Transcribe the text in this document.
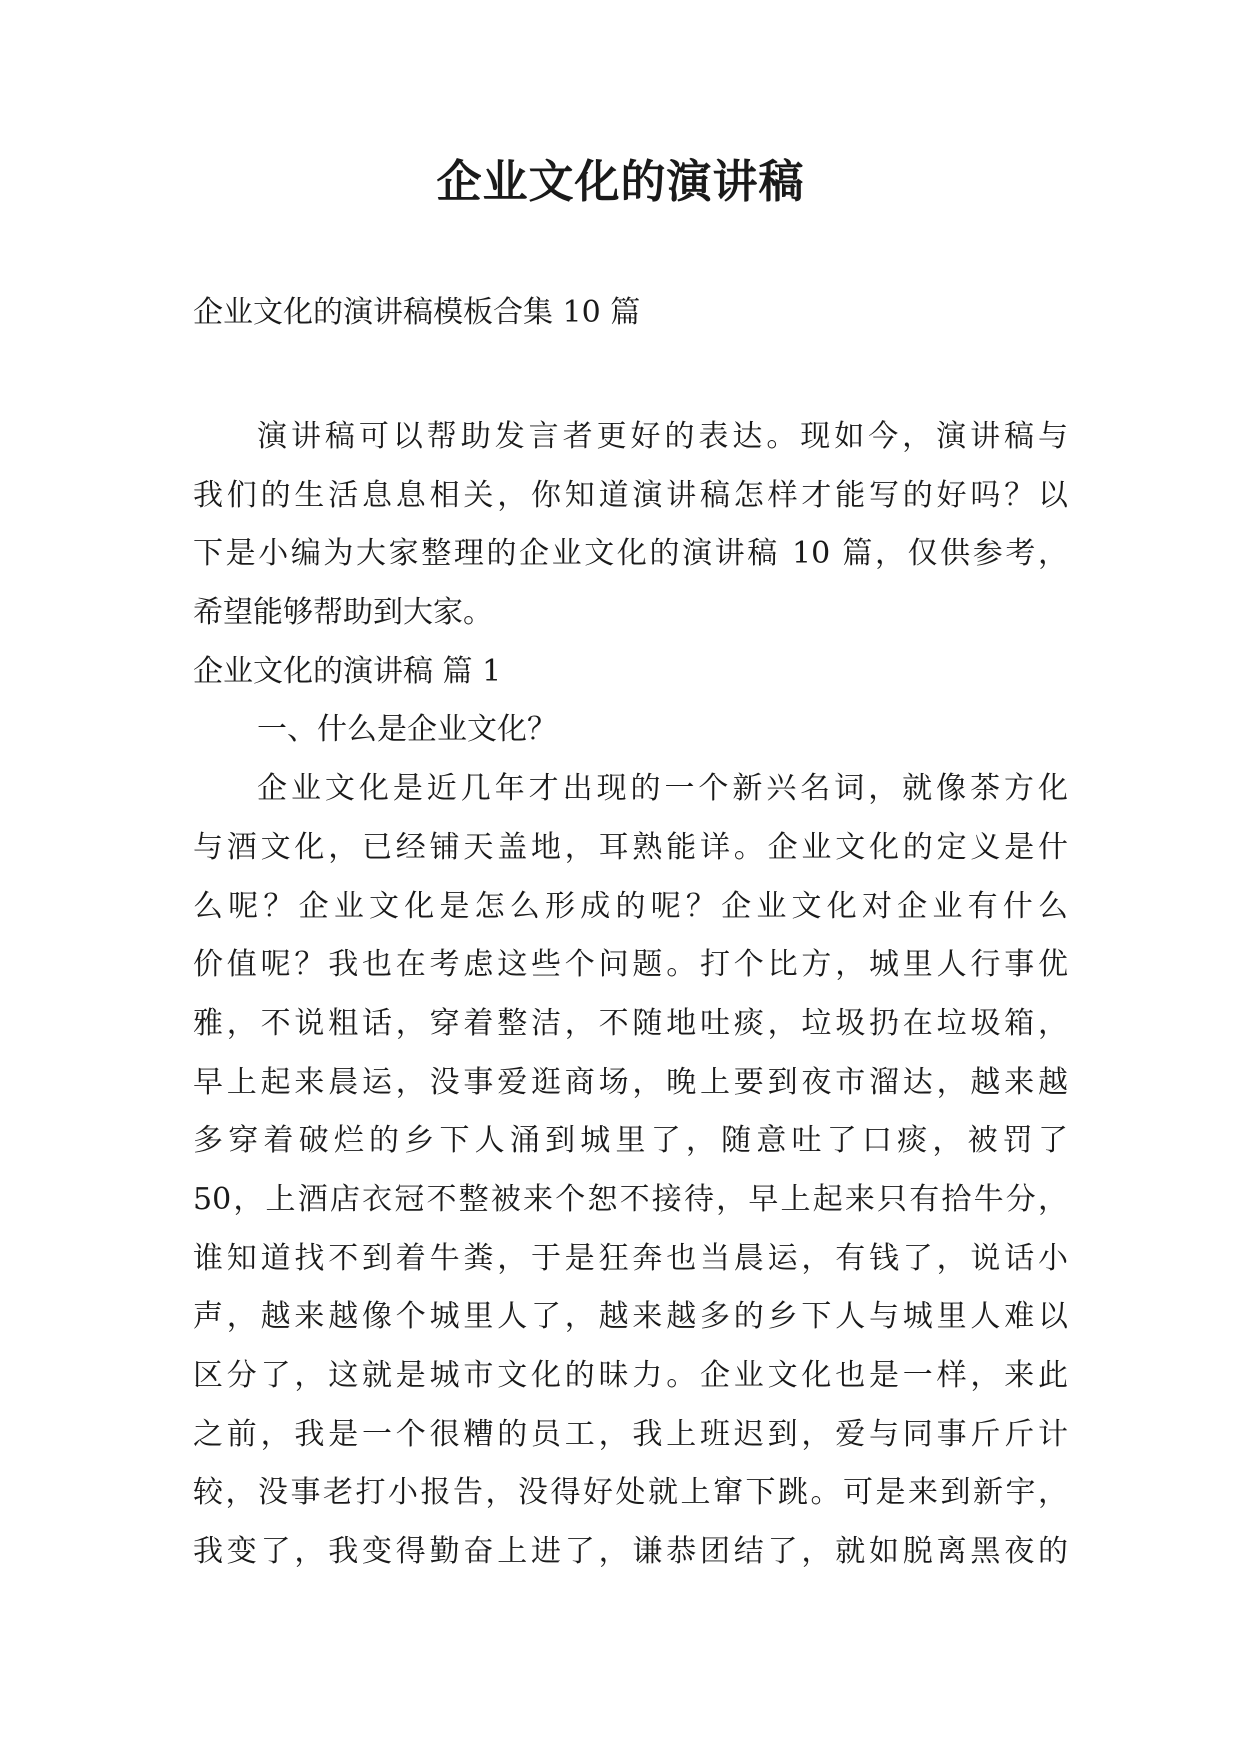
企业文化的演讲稿
企业文化的演讲稿模板合集 10 篇
演讲稿可以帮助发言者更好的表达。现如今，演讲稿与
我们的生活息息相关，你知道演讲稿怎样才能写的好吗？以
下是小编为大家整理的企业文化的演讲稿 10 篇，仅供参考，
希望能够帮助到大家。
企业文化的演讲稿 篇 1
一、什么是企业文化？
企业文化是近几年才出现的一个新兴名词，就像茶方化
与酒文化，已经铺天盖地，耳熟能详。企业文化的定义是什
么呢？企业文化是怎么形成的呢？企业文化对企业有什么
价值呢？我也在考虑这些个问题。打个比方，城里人行事优
雅，不说粗话，穿着整洁，不随地吐痰，垃圾扔在垃圾箱，
早上起来晨运，没事爱逛商场，晚上要到夜市溜达，越来越
多穿着破烂的乡下人涌到城里了，随意吐了口痰，被罚了
50，上酒店衣冠不整被来个恕不接待，早上起来只有拾牛分，
谁知道找不到着牛粪，于是狂奔也当晨运，有钱了，说话小
声，越来越像个城里人了，越来越多的乡下人与城里人难以
区分了，这就是城市文化的昧力。企业文化也是一样，来此
之前，我是一个很糟的员工，我上班迟到，爱与同事斤斤计
较，没事老打小报告，没得好处就上窜下跳。可是来到新宇，
我变了，我变得勤奋上进了，谦恭团结了，就如脱离黑夜的
